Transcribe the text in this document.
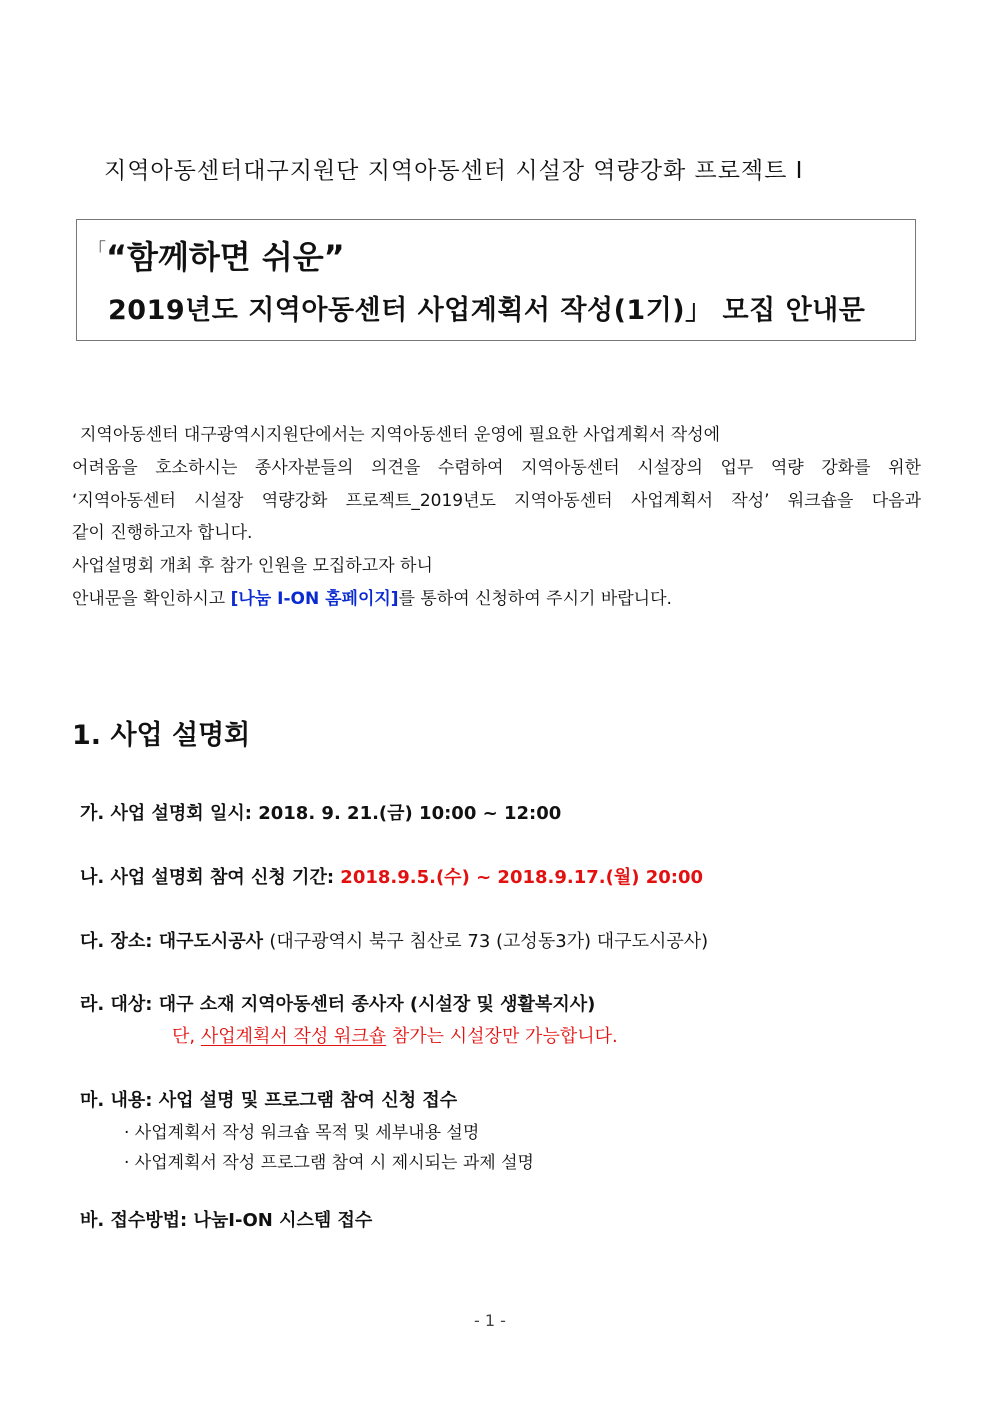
지역아동센터대구지원단 지역아동센터 시설장 역량강화 프로젝트 Ⅰ
「“함께하면 쉬운”
2019년도 지역아동센터 사업계획서 작성(1기)」 모집 안내문
지역아동센터 대구광역시지원단에서는 지역아동센터 운영에 필요한 사업계획서 작성에
어려움을 호소하시는 종사자분들의 의견을 수렴하여 지역아동센터 시설장의 업무 역량 강화를 위한
‘지역아동센터 시설장 역량강화 프로젝트_2019년도 지역아동센터 사업계획서 작성’ 워크숍을 다음과
같이 진행하고자 합니다.
사업설명회 개최 후 참가 인원을 모집하고자 하니
안내문을 확인하시고 [나눔 I-ON 홈페이지]를 통하여 신청하여 주시기 바랍니다.
1. 사업 설명회
가. 사업 설명회 일시: 2018. 9. 21.(금) 10:00 ~ 12:00
나. 사업 설명회 참여 신청 기간: 2018.9.5.(수) ~ 2018.9.17.(월) 20:00
다. 장소: 대구도시공사 (대구광역시 북구 침산로 73 (고성동3가) 대구도시공사)
라. 대상: 대구 소재 지역아동센터 종사자 (시설장 및 생활복지사)
단, 사업계획서 작성 워크숍 참가는 시설장만 가능합니다.
마. 내용: 사업 설명 및 프로그램 참여 신청 접수
· 사업계획서 작성 워크숍 목적 및 세부내용 설명
· 사업계획서 작성 프로그램 참여 시 제시되는 과제 설명
바. 접수방법: 나눔I-ON 시스템 접수
- 1 -
